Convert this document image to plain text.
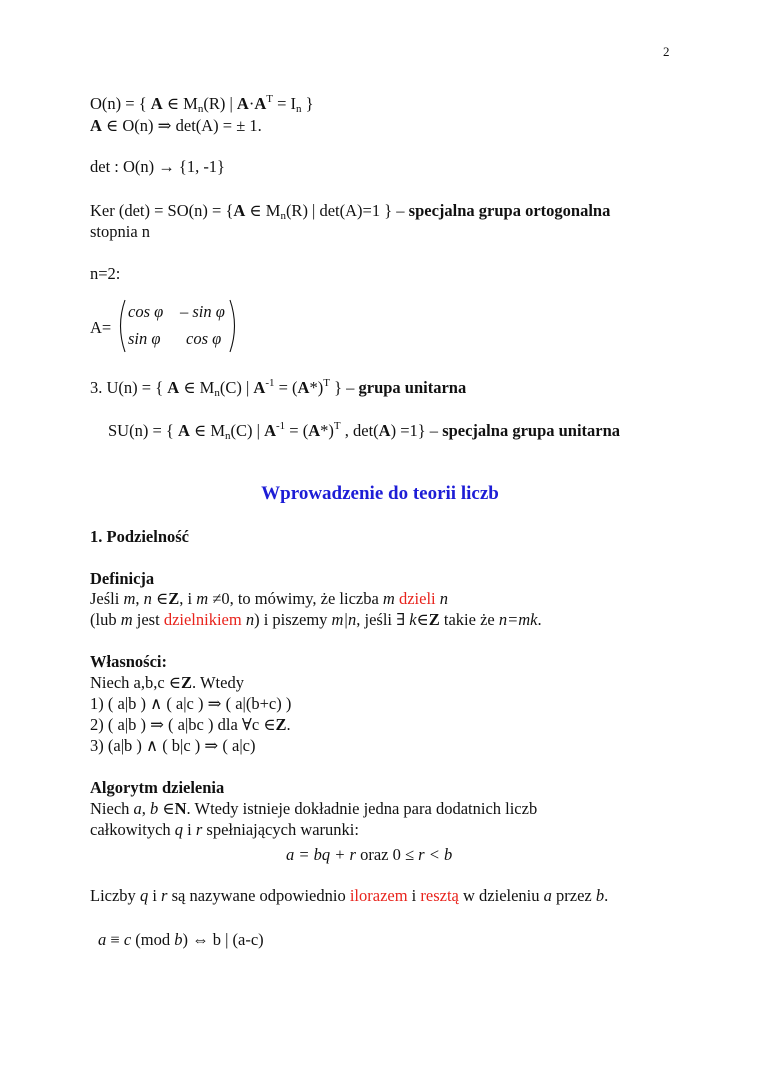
2
O(n) = { A ∈ $M_n(R)$ | $A\cdot A^T = I_n$ }
A ∈ O(n) ⇒ det(A) = ± 1.
det : O(n) → {1, -1}
Ker (det) = SO(n) = {A ∈ $M_n(R)$ | det(A)=1 } – specjalna grupa ortogonalna
stopnia n
n=2:
A=
cos φ – sin φ
sin φ cos φ
3. U(n) = { A ∈ $M_n(C)$ | $A^{-1} = (A*)^T$ } – grupa unitarna
SU(n) = { A ∈ $M_n(C)$ | $A^{-1} = (A*)^T$ , det(A) =1} – specjalna grupa unitarna
Wprowadzenie do teorii liczb
1. Podzielność
Definicja
Jeśli m, n ∈Z, i m ≠0, to mówimy, że liczba m dzieli n
(lub m jest dzielnikiem n) i piszemy m|n, jeśli ∃ k∈Z takie że n=mk.
Własności:
Niech a,b,c ∈Z. Wtedy
1) ( a|b ) ∧ ( a|c ) ⇒ ( a|(b+c) )
2) ( a|b ) ⇒ ( a|bc ) dla ∀c ∈Z.
3) (a|b ) ∧ ( b|c ) ⇒ ( a|c)
Algorytm dzielenia
Niech a, b ∈N. Wtedy istnieje dokładnie jedna para dodatnich liczb
całkowitych q i r spełniających warunki:
a = bq + r oraz 0 ≤ r < b
Liczby q i r są nazywane odpowiednio ilorazem i resztą w dzieleniu a przez b.
a ≡ c (mod b) ⇔ b | (a-c)
